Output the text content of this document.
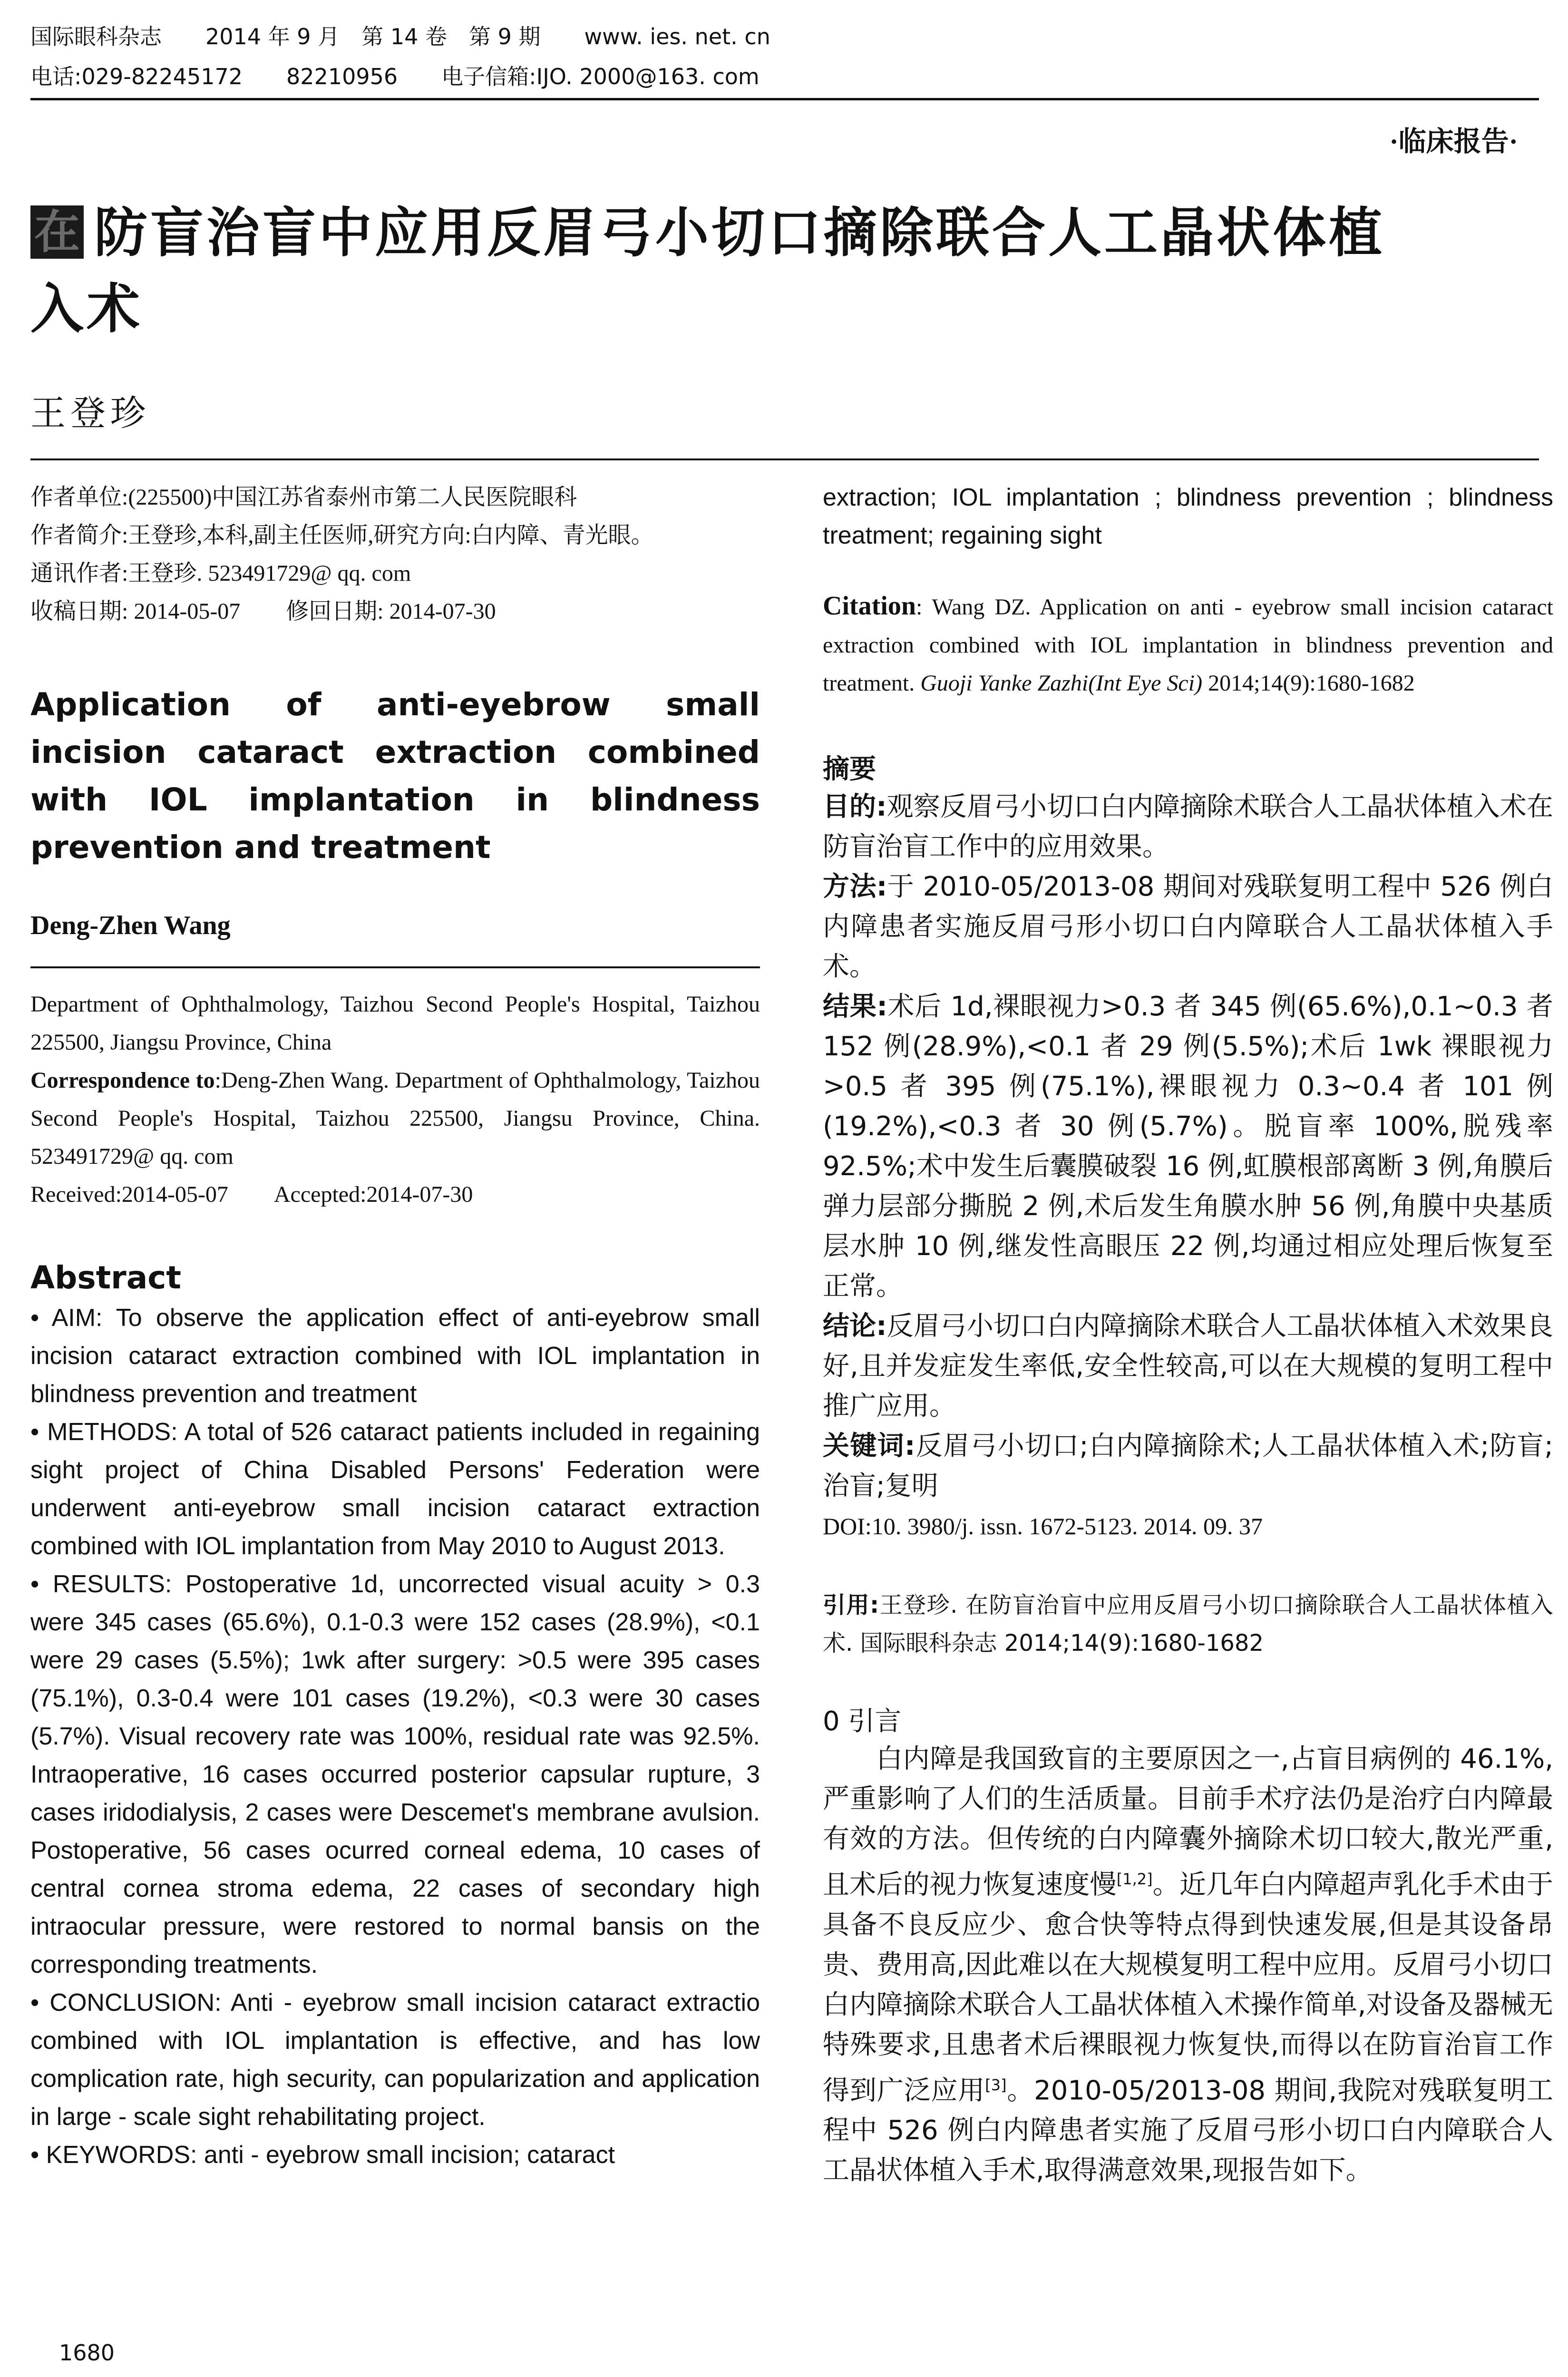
国际眼科杂志　　2014 年 9 月　第 14 卷　第 9 期　　www. ies. net. cn
电话:029-82245172　　82210956　　电子信箱:IJO. 2000@163. com
·临床报告·
在 防盲治盲中应用反眉弓小切口摘除联合人工晶状体植
入术
王登珍

作者单位:(225500)中国江苏省泰州市第二人民医院眼科

作者简介:王登珍,本科,副主任医师,研究方向:白内障、青光眼。

通讯作者:王登珍. 523491729@ qq. com

收稿日期: 2014-05-07　　修回日期: 2014-07-30

Application of anti-eyebrow small incision cataract extraction combined with IOL implantation in blindness prevention and treatment
Deng-Zhen Wang

Department of Ophthalmology, Taizhou Second People's Hospital, Taizhou 225500, Jiangsu Province, China

Correspondence to:Deng-Zhen Wang. Department of Ophthalmology, Taizhou Second People's Hospital, Taizhou 225500, Jiangsu Province, China. 523491729@ qq. com

Received:2014-05-07　　Accepted:2014-07-30

Abstract

• AIM: To observe the application effect of anti-eyebrow small incision cataract extraction combined with IOL implantation in blindness prevention and treatment

• METHODS: A total of 526 cataract patients included in regaining sight project of China Disabled Persons' Federation were underwent anti-eyebrow small incision cataract extraction combined with IOL implantation from May 2010 to August 2013.

• RESULTS: Postoperative 1d, uncorrected visual acuity > 0.3 were 345 cases (65.6%), 0.1-0.3 were 152 cases (28.9%), <0.1 were 29 cases (5.5%); 1wk after surgery: >0.5 were 395 cases (75.1%), 0.3-0.4 were 101 cases (19.2%), <0.3 were 30 cases (5.7%). Visual recovery rate was 100%, residual rate was 92.5%. Intraoperative, 16 cases occurred posterior capsular rupture, 3 cases iridodialysis, 2 cases were Descemet's membrane avulsion. Postoperative, 56 cases ocurred corneal edema, 10 cases of central cornea stroma edema, 22 cases of secondary high intraocular pressure, were restored to normal bansis on the corresponding treatments.

• CONCLUSION: Anti - eyebrow small incision cataract extractio combined with IOL implantation is effective, and has low complication rate, high security, can popularization and application in large - scale sight rehabilitating project.

• KEYWORDS: anti - eyebrow small incision; cataract

extraction; IOL implantation ; blindness prevention ; blindness treatment; regaining sight

Citation: Wang DZ. Application on anti - eyebrow small incision cataract extraction combined with IOL implantation in blindness prevention and treatment. Guoji Yanke Zazhi(Int Eye Sci) 2014;14(9):1680-1682

摘要

目的:观察反眉弓小切口白内障摘除术联合人工晶状体植入术在防盲治盲工作中的应用效果。

方法:于 2010-05/2013-08 期间对残联复明工程中 526 例白内障患者实施反眉弓形小切口白内障联合人工晶状体植入手术。

结果:术后 1d,裸眼视力>0.3 者 345 例(65.6%),0.1~0.3 者 152 例(28.9%),<0.1 者 29 例(5.5%);术后 1wk 裸眼视力>0.5 者 395 例(75.1%),裸眼视力 0.3~0.4 者 101 例(19.2%),<0.3 者 30 例(5.7%)。脱盲率 100%,脱残率 92.5%;术中发生后囊膜破裂 16 例,虹膜根部离断 3 例,角膜后弹力层部分撕脱 2 例,术后发生角膜水肿 56 例,角膜中央基质层水肿 10 例,继发性高眼压 22 例,均通过相应处理后恢复至正常。

结论:反眉弓小切口白内障摘除术联合人工晶状体植入术效果良好,且并发症发生率低,安全性较高,可以在大规模的复明工程中推广应用。

关键词:反眉弓小切口;白内障摘除术;人工晶状体植入术;防盲;治盲;复明

DOI:10. 3980/j. issn. 1672-5123. 2014. 09. 37

引用:王登珍. 在防盲治盲中应用反眉弓小切口摘除联合人工晶状体植入术. 国际眼科杂志 2014;14(9):1680-1682

0 引言

白内障是我国致盲的主要原因之一,占盲目病例的 46.1%,严重影响了人们的生活质量。目前手术疗法仍是治疗白内障最有效的方法。但传统的白内障囊外摘除术切口较大,散光严重,且术后的视力恢复速度慢[1,2]。近几年白内障超声乳化手术由于具备不良反应少、愈合快等特点得到快速发展,但是其设备昂贵、费用高,因此难以在大规模复明工程中应用。反眉弓小切口白内障摘除术联合人工晶状体植入术操作简单,对设备及器械无特殊要求,且患者术后裸眼视力恢复快,而得以在防盲治盲工作得到广泛应用[3]。2010-05/2013-08 期间,我院对残联复明工程中 526 例白内障患者实施了反眉弓形小切口白内障联合人工晶状体植入手术,取得满意效果,现报告如下。

1680
